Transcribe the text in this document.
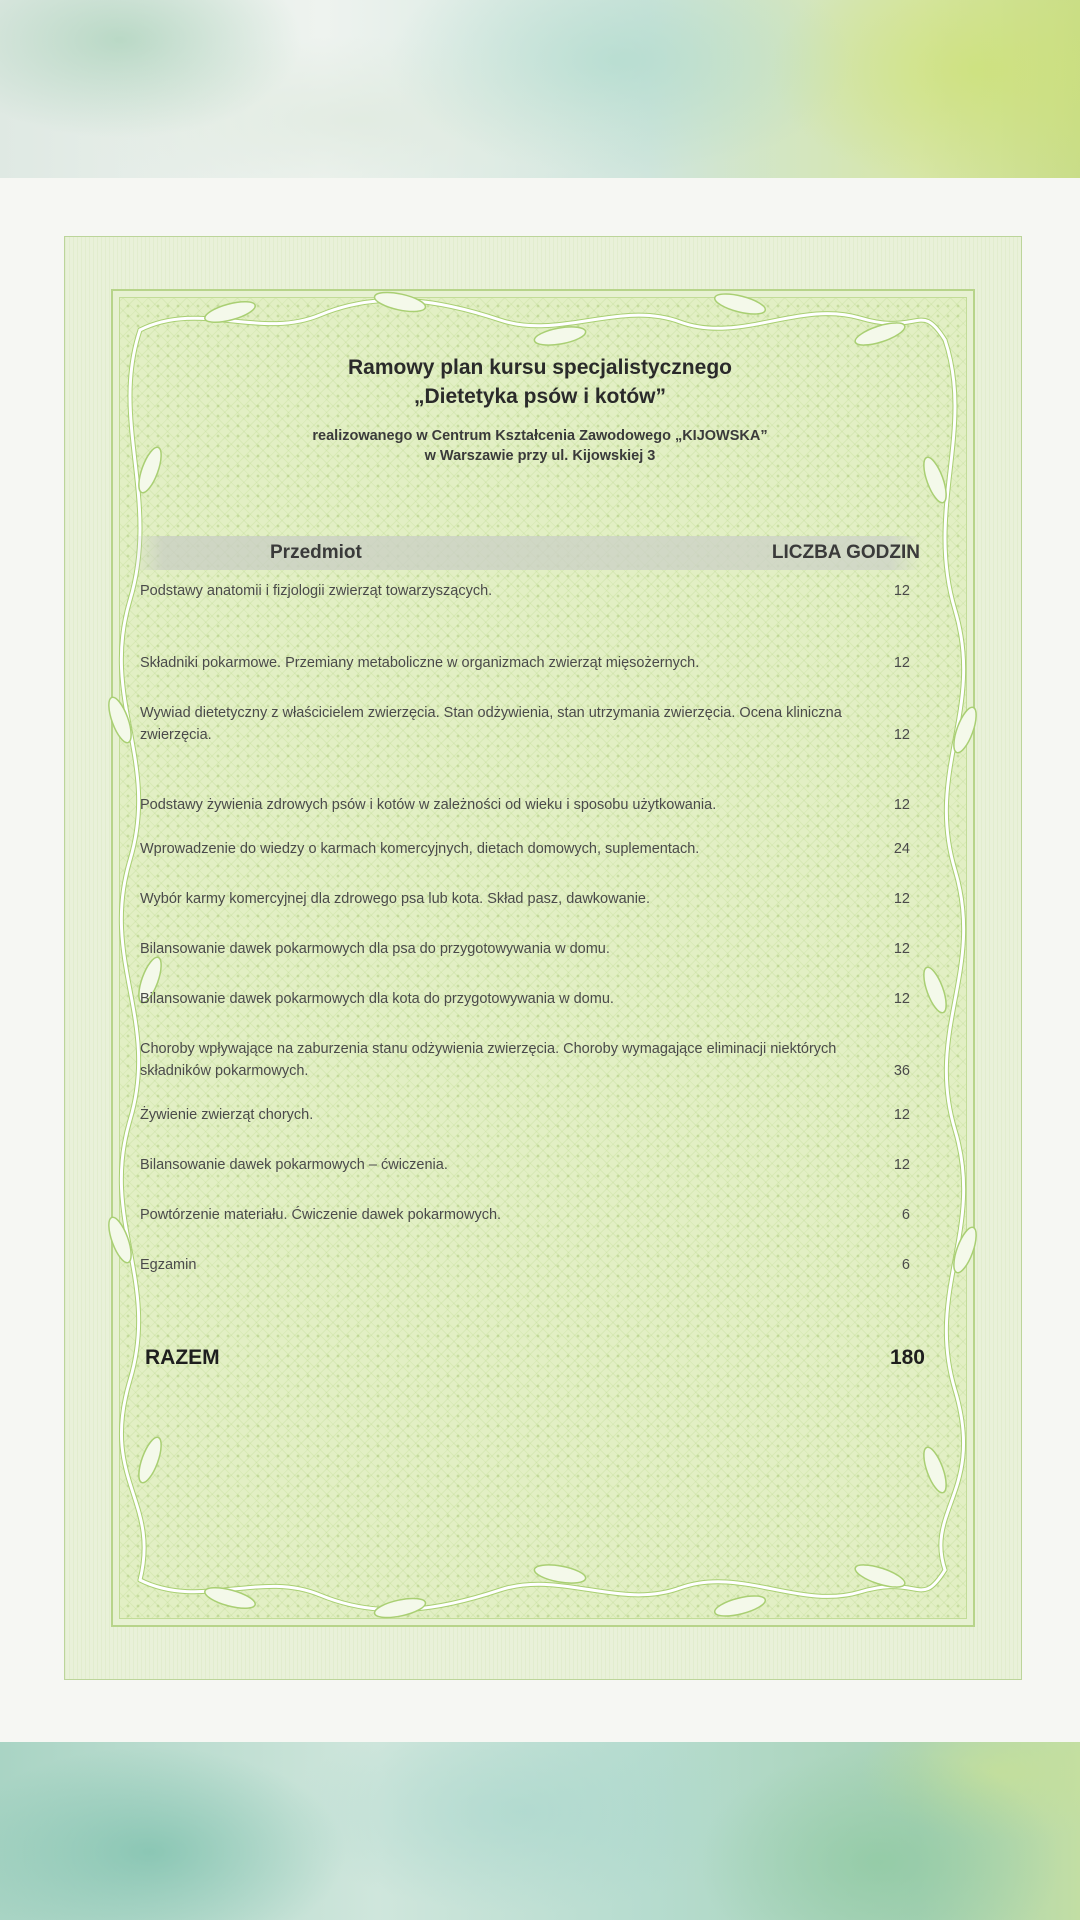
Ramowy plan kursu specjalistycznego

„Dietetyka psów i kotów”

realizowanego w Centrum Kształcenia Zawodowego „KIJOWSKA”

w Warszawie przy ul. Kijowskiej 3

Przedmiot	LICZBA GODZIN
Podstawy anatomii i fizjologii zwierząt towarzyszących.	12
Składniki pokarmowe. Przemiany metaboliczne w organizmach zwierząt mięsożernych.	12
Wywiad dietetyczny z właścicielem zwierzęcia. Stan odżywienia, stan utrzymania zwierzęcia. Ocena kliniczna zwierzęcia.	12
Podstawy żywienia zdrowych psów i kotów w zależności od wieku i sposobu użytkowania.	12
Wprowadzenie do wiedzy o karmach komercyjnych, dietach domowych, suplementach.	24
Wybór karmy komercyjnej dla zdrowego psa lub kota. Skład pasz, dawkowanie.	12
Bilansowanie dawek pokarmowych dla psa do przygotowywania w domu.	12
Bilansowanie dawek pokarmowych dla kota do przygotowywania w domu.	12
Choroby wpływające na zaburzenia stanu odżywienia zwierzęcia. Choroby wymagające eliminacji niektórych składników pokarmowych.	36
Żywienie zwierząt chorych.	12
Bilansowanie dawek pokarmowych – ćwiczenia.	12
Powtórzenie materiału. Ćwiczenie dawek pokarmowych.	6
Egzamin	6
RAZEM	180
